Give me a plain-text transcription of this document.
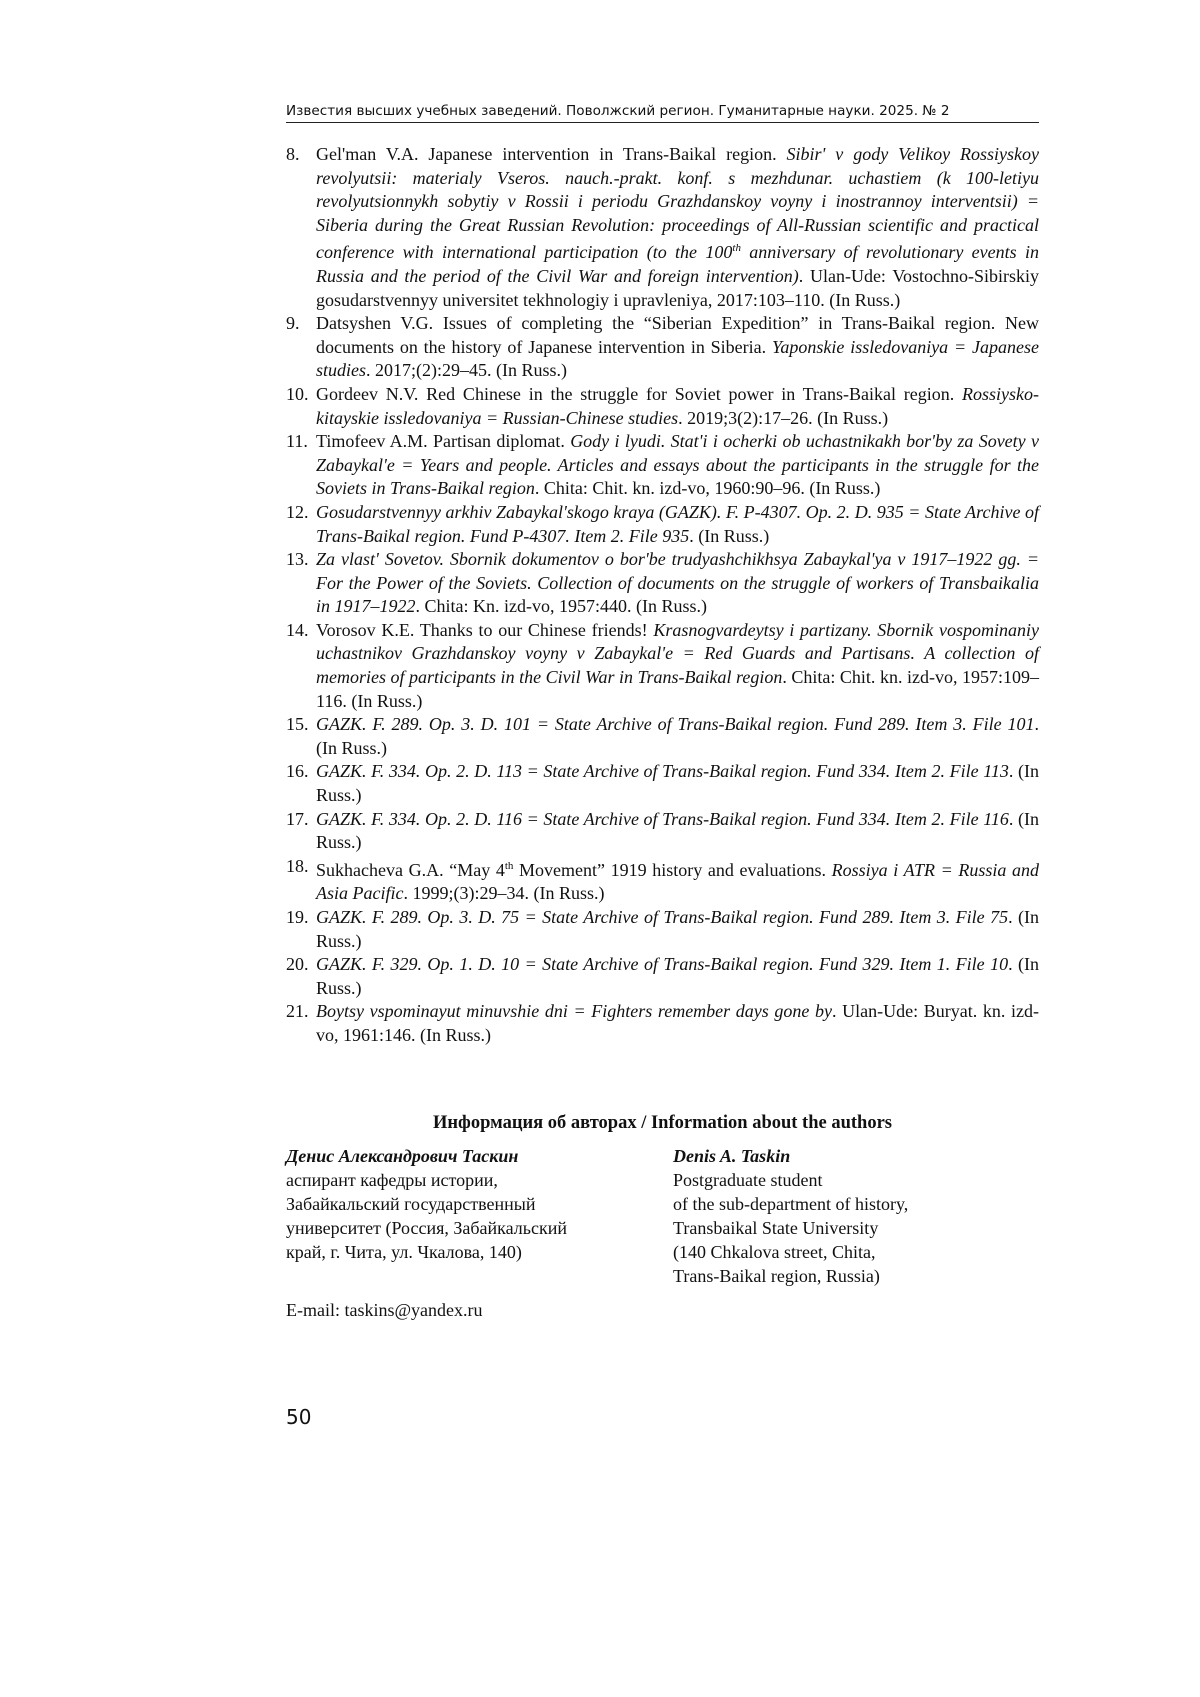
Известия высших учебных заведений. Поволжский регион. Гуманитарные науки. 2025. № 2
8. Gel'man V.A. Japanese intervention in Trans-Baikal region. Sibir' v gody Velikoy Rossiyskoy revolyutsii: materialy Vseros. nauch.-prakt. konf. s mezhdunar. uchastiem (k 100-letiyu revolyutsionnykh sobytiy v Rossii i periodu Grazhdanskoy voyny i inostrannoy interventsii) = Siberia during the Great Russian Revolution: proceedings of All-Russian scientific and practical conference with international participation (to the 100th anniversary of revolutionary events in Russia and the period of the Civil War and foreign intervention). Ulan-Ude: Vostochno-Sibirskiy gosudarstvennyy universitet tekhnologiy i upravleniya, 2017:103–110. (In Russ.)
9. Datsyshen V.G. Issues of completing the “Siberian Expedition” in Trans-Baikal region. New documents on the history of Japanese intervention in Siberia. Yaponskie issledovaniya = Japanese studies. 2017;(2):29–45. (In Russ.)
10. Gordeev N.V. Red Chinese in the struggle for Soviet power in Trans-Baikal region. Rossiysko-kitayskie issledovaniya = Russian-Chinese studies. 2019;3(2):17–26. (In Russ.)
11. Timofeev A.M. Partisan diplomat. Gody i lyudi. Stat'i i ocherki ob uchastnikakh bor'by za Sovety v Zabaykal'e = Years and people. Articles and essays about the participants in the struggle for the Soviets in Trans-Baikal region. Chita: Chit. kn. izd-vo, 1960:90–96. (In Russ.)
12. Gosudarstvennyy arkhiv Zabaykal'skogo kraya (GAZK). F. P-4307. Op. 2. D. 935 = State Archive of Trans-Baikal region. Fund P-4307. Item 2. File 935. (In Russ.)
13. Za vlast' Sovetov. Sbornik dokumentov o bor'be trudyashchikhsya Zabaykal'ya v 1917–1922 gg. = For the Power of the Soviets. Collection of documents on the struggle of workers of Transbaikalia in 1917–1922. Chita: Kn. izd-vo, 1957:440. (In Russ.)
14. Vorosov K.E. Thanks to our Chinese friends! Krasnogvardeytsy i partizany. Sbornik vospominaniy uchastnikov Grazhdanskoy voyny v Zabaykal'e = Red Guards and Partisans. A collection of memories of participants in the Civil War in Trans-Baikal region. Chita: Chit. kn. izd-vo, 1957:109–116. (In Russ.)
15. GAZK. F. 289. Op. 3. D. 101 = State Archive of Trans-Baikal region. Fund 289. Item 3. File 101. (In Russ.)
16. GAZK. F. 334. Op. 2. D. 113 = State Archive of Trans-Baikal region. Fund 334. Item 2. File 113. (In Russ.)
17. GAZK. F. 334. Op. 2. D. 116 = State Archive of Trans-Baikal region. Fund 334. Item 2. File 116. (In Russ.)
18. Sukhacheva G.A. “May 4th Movement” 1919 history and evaluations. Rossiya i ATR = Russia and Asia Pacific. 1999;(3):29–34. (In Russ.)
19. GAZK. F. 289. Op. 3. D. 75 = State Archive of Trans-Baikal region. Fund 289. Item 3. File 75. (In Russ.)
20. GAZK. F. 329. Op. 1. D. 10 = State Archive of Trans-Baikal region. Fund 329. Item 1. File 10. (In Russ.)
21. Boytsy vspominayut minuvshie dni = Fighters remember days gone by. Ulan-Ude: Buryat. kn. izd-vo, 1961:146. (In Russ.)
Информация об авторах / Information about the authors
Денис Александрович Таскин
аспирант кафедры истории,
Забайкальский государственный
университет (Россия, Забайкальский
край, г. Чита, ул. Чкалова, 140)
Denis A. Taskin
Postgraduate student
of the sub-department of history,
Transbaikal State University
(140 Chkalova street, Chita,
Trans-Baikal region, Russia)
E-mail: taskins@yandex.ru
50
